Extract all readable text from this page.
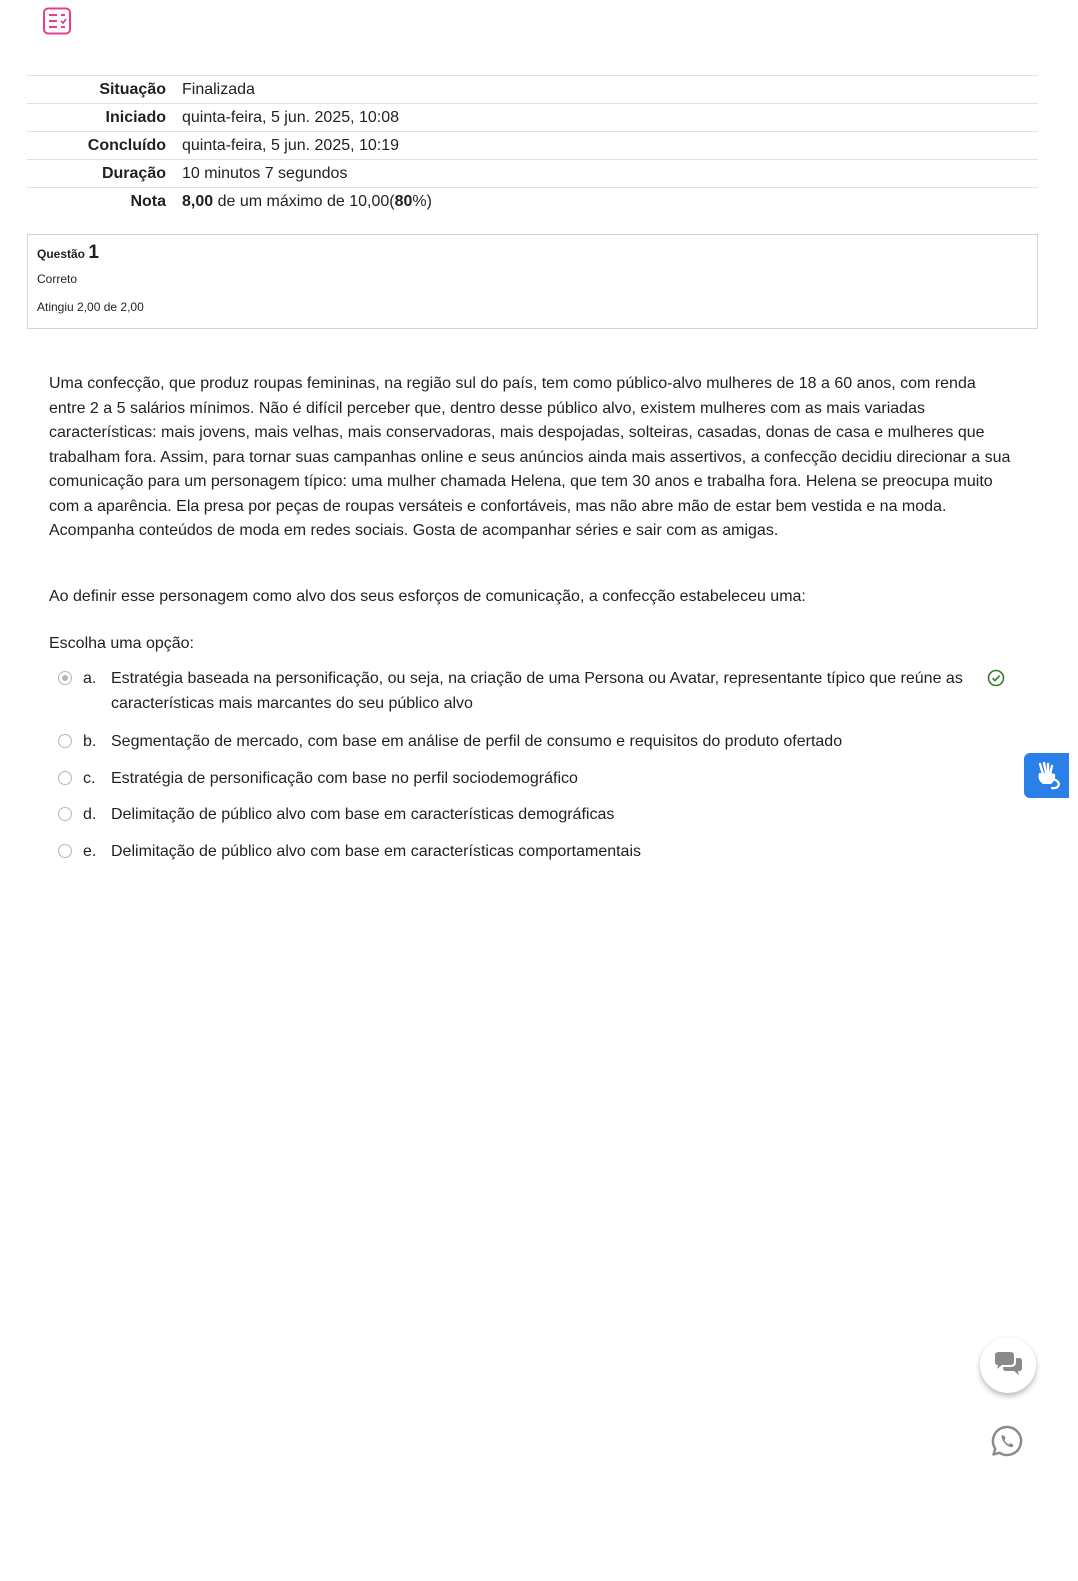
Situação	Finalizada
Iniciado	quinta-feira, 5 jun. 2025, 10:08
Concluído	quinta-feira, 5 jun. 2025, 10:19
Duração	10 minutos 7 segundos
Nota	8,00 de um máximo de 10,00(80%)
Questão 1
Correto
Atingiu 2,00 de 2,00

Uma confecção, que produz roupas femininas, na região sul do país, tem como público-alvo mulheres de 18 a 60 anos, com renda entre 2 a 5 salários mínimos. Não é difícil perceber que, dentro desse público alvo, existem mulheres com as mais variadas características: mais jovens, mais velhas, mais conservadoras, mais despojadas, solteiras, casadas, donas de casa e mulheres que trabalham fora. Assim, para tornar suas campanhas online e seus anúncios ainda mais assertivos, a confecção decidiu direcionar a sua comunicação para um personagem típico: uma mulher chamada Helena, que tem 30 anos e trabalha fora. Helena se preocupa muito com a aparência. Ela presa por peças de roupas versáteis e confortáveis, mas não abre mão de estar bem vestida e na moda. Acompanha conteúdos de moda em redes sociais. Gosta de acompanhar séries e sair com as amigas.

Ao definir esse personagem como alvo dos seus esforços de comunicação, a confecção estabeleceu uma:
Escolha uma opção:
a. Estratégia baseada na personificação, ou seja, na criação de uma Persona ou Avatar, representante típico que reúne as características mais marcantes do seu público alvo
b. Segmentação de mercado, com base em análise de perfil de consumo e requisitos do produto ofertado
c. Estratégia de personificação com base no perfil sociodemográfico
d. Delimitação de público alvo com base em características demográficas
e. Delimitação de público alvo com base em características comportamentais
